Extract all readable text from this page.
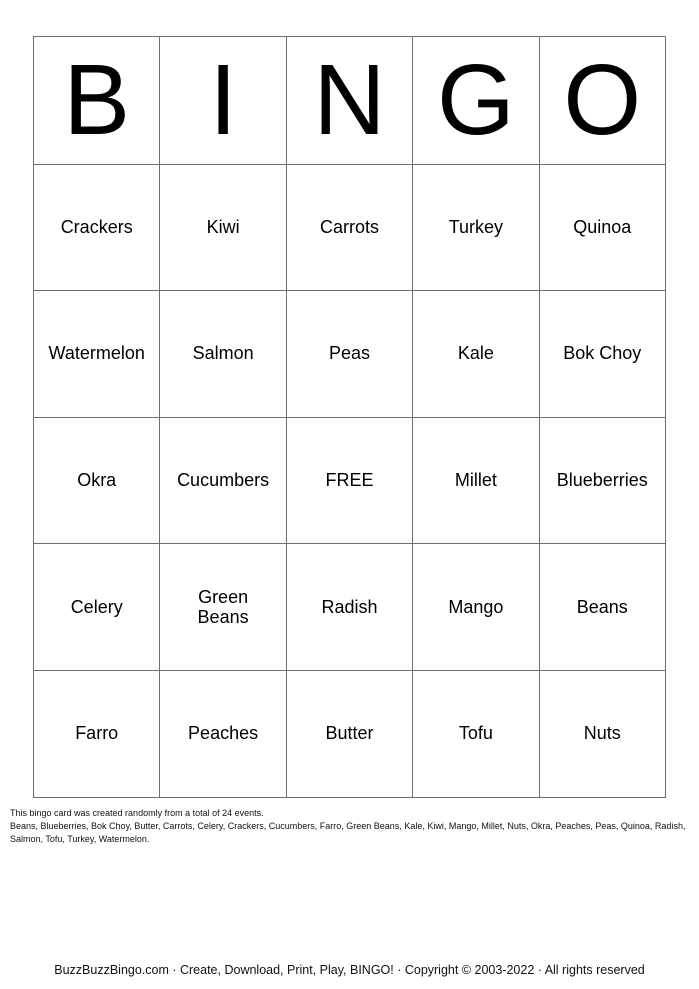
B	I	N	G	O
Crackers	Kiwi	Carrots	Turkey	Quinoa
Watermelon	Salmon	Peas	Kale	Bok Choy
Okra	Cucumbers	FREE	Millet	Blueberries
Celery	Green Beans	Radish	Mango	Beans
Farro	Peaches	Butter	Tofu	Nuts
This bingo card was created randomly from a total of 24 events.
Beans, Blueberries, Bok Choy, Butter, Carrots, Celery, Crackers, Cucumbers, Farro, Green Beans, Kale, Kiwi, Mango, Millet, Nuts, Okra, Peaches, Peas, Quinoa, Radish, Salmon, Tofu, Turkey, Watermelon.
BuzzBuzzBingo.com · Create, Download, Print, Play, BINGO! · Copyright © 2003-2022 · All rights reserved
